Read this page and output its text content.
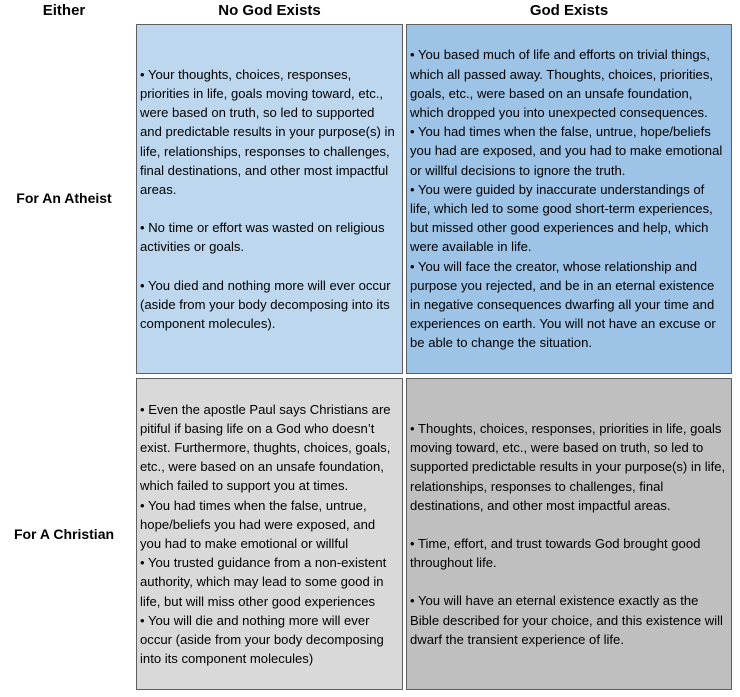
Either	No God Exists	God Exists
For An Atheist
For A Christian

• Your thoughts, choices, responses, priorities in life, goals moving toward, etc., were based on truth, so led to supported and predictable results in your purpose(s) in life, relationships, responses to challenges, final destinations, and other most impactful areas.

• No time or effort was wasted on religious activities or goals.

• You died and nothing more will ever occur (aside from your body decomposing into its component molecules).

• You based much of life and efforts on trivial things, which all passed away. Thoughts, choices, priorities, goals, etc., were based on an unsafe foundation, which dropped you into unexpected consequences.

• You had times when the false, untrue, hope/beliefs you had are exposed, and you had to make emotional or willful decisions to ignore the truth.

• You were guided by inaccurate understandings of life, which led to some good short-term experiences, but missed other good experiences and help, which were available in life.

• You will face the creator, whose relationship and purpose you rejected, and be in an eternal existence in negative consequences dwarfing all your time and experiences on earth. You will not have an excuse or be able to change the situation.

• Even the apostle Paul says Christians are pitiful if basing life on a God who doesn’t exist. Furthermore, thughts, choices, goals, etc., were based on an unsafe foundation, which failed to support you at times.

• You had times when the false, untrue, hope/beliefs you had were exposed, and you had to make emotional or willful

• You trusted guidance from a non-existent authority, which may lead to some good in life, but will miss other good experiences

• You will die and nothing more will ever occur (aside from your body decomposing into its component molecules)

• Thoughts, choices, responses, priorities in life, goals moving toward, etc., were based on truth, so led to supported predictable results in your purpose(s) in life, relationships, responses to challenges, final destinations, and other most impactful areas.

• Time, effort, and trust towards God brought good throughout life.

• You will have an eternal existence exactly as the Bible described for your choice, and this existence will dwarf the transient experience of life.
